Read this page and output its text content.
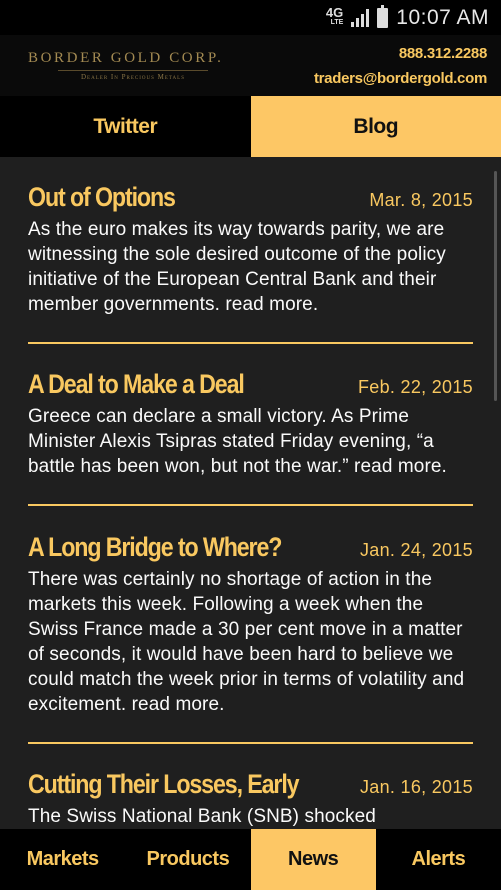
4G
LTE	10:07 AM
BORDER GOLD CORP.
Dealer In Precious Metals
888.312.2288
traders@bordergold.com
Twitter	Blog
Out of Options	Mar. 8, 2015
As the euro makes its way towards parity, we are witnessing the sole desired outcome of the policy initiative of the European Central Bank and their member governments. read more.
A Deal to Make a Deal	Feb. 22, 2015
Greece can declare a small victory. As Prime Minister Alexis Tsipras stated Friday evening, “a battle has been won, but not the war.” read more.
A Long Bridge to Where?	Jan. 24, 2015
There was certainly no shortage of action in the markets this week. Following a week when the Swiss France made a 30 per cent move in a matter of seconds, it would have been hard to believe we could match the week prior in terms of volatility and excitement. read more.
Cutting Their Losses, Early	Jan. 16, 2015
The Swiss National Bank (SNB) shocked
Markets	Products	News	Alerts
